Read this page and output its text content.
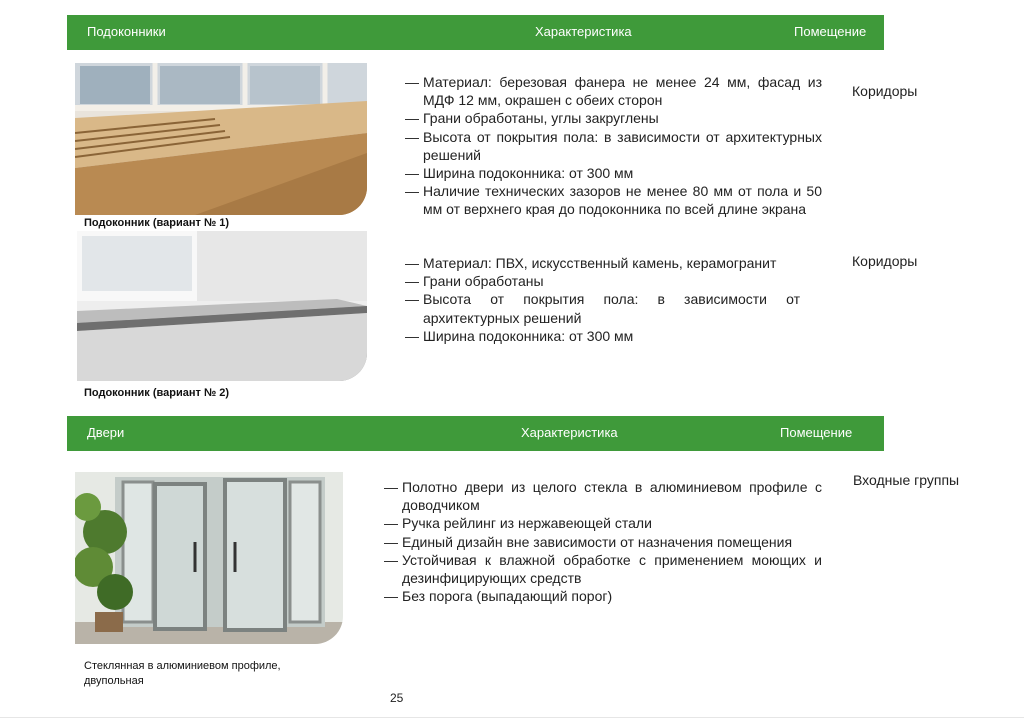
Подоконники	Характеристика	Помещение
Подоконник (вариант № 1)
— Материал: березовая фанера не менее 24 мм, фасад из МДФ 12 мм, окрашен с обеих сторон
— Грани обработаны, углы закруглены
— Высота от покрытия пола: в зависимости от архитектурных решений
— Ширина подоконника: от 300 мм
— Наличие технических зазоров не менее 80 мм от пола и 50 мм от верхнего края до подоконника по всей длине экрана
Коридоры
Подоконник (вариант № 2)
— Материал: ПВХ, искусственный камень, керамогранит
— Грани обработаны
— Высота от покрытия пола: в зависимости от архитектурных решений
— Ширина подоконника: от 300 мм
Коридоры
Двери	Характеристика	Помещение
Стеклянная в алюминиевом профиле,
двупольная
— Полотно двери из целого стекла в алюминиевом профиле с доводчиком
— Ручка рейлинг из нержавеющей стали
— Единый дизайн вне зависимости от назначения помещения
— Устойчивая к влажной обработке с применением моющих и дезинфицирующих средств
— Без порога (выпадающий порог)
Входные группы
25
